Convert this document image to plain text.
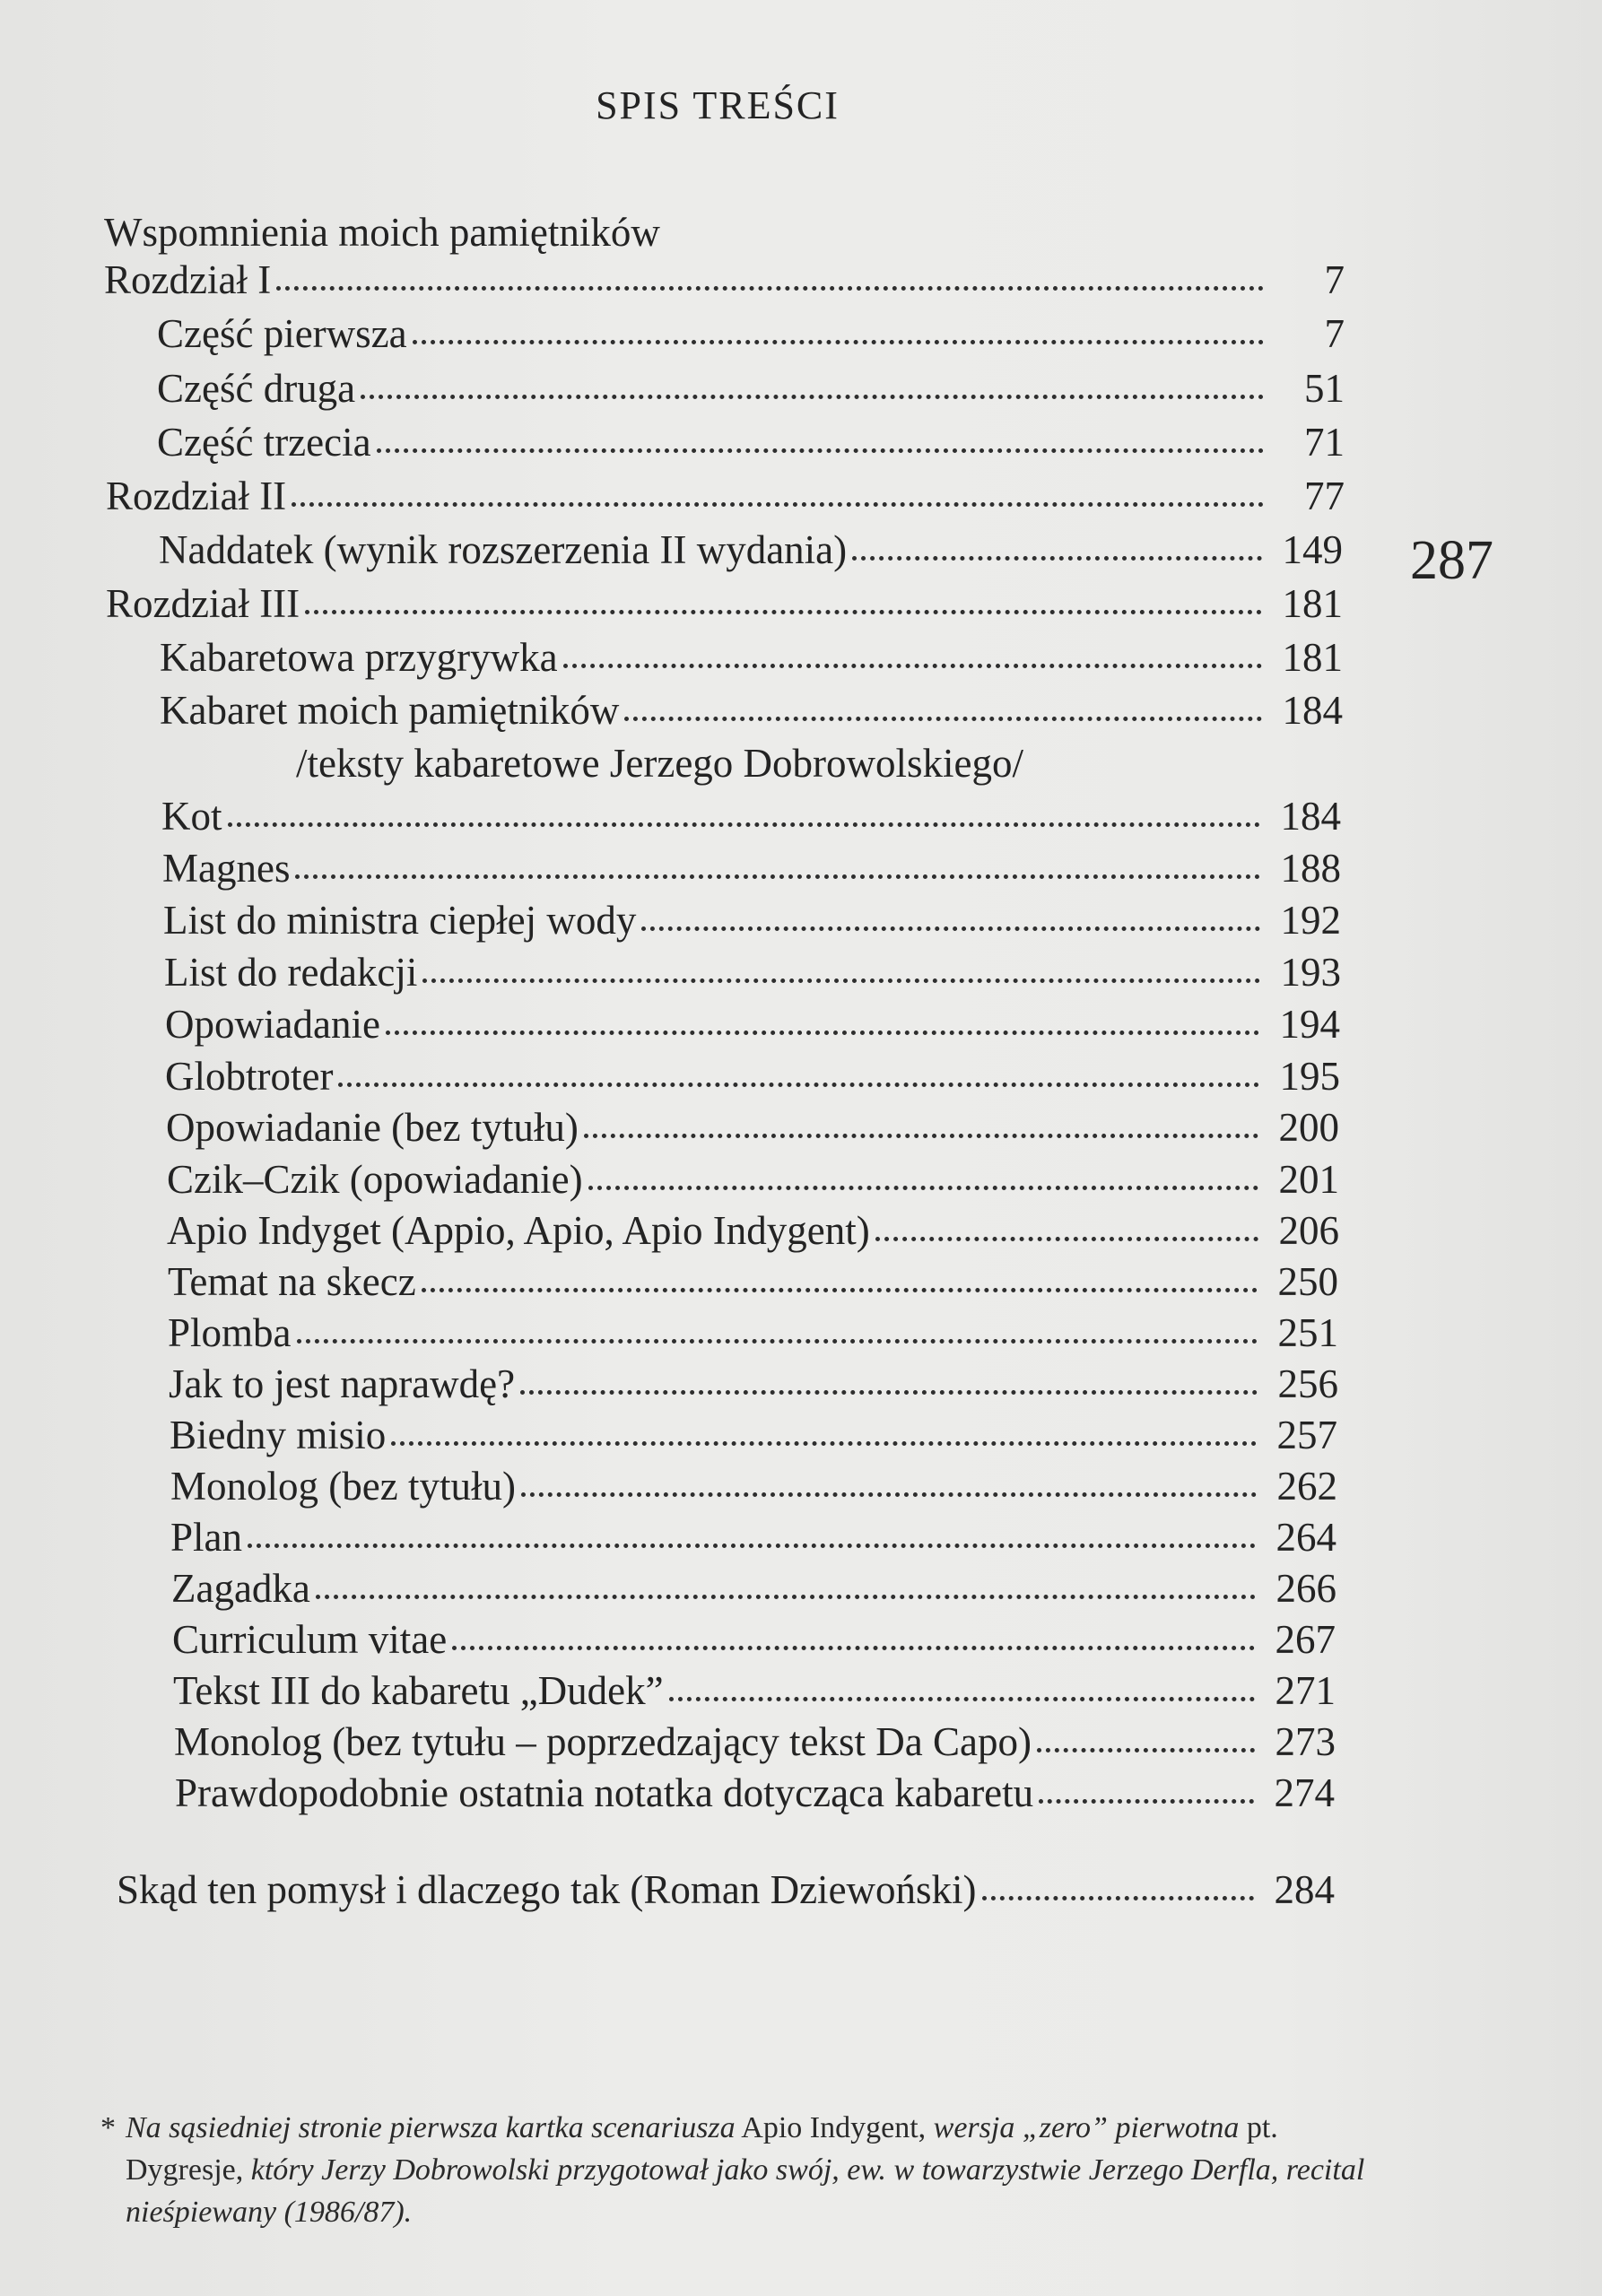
SPIS TREŚCI
287
Wspomnienia moich pamiętników
Rozdział I	7
Część pierwsza	7
Część druga	51
Część trzecia	71
Rozdział II	77
Naddatek (wynik rozszerzenia II wydania)	149
Rozdział III	181
Kabaretowa przygrywka	181
Kabaret moich pamiętników	184
/teksty kabaretowe Jerzego Dobrowolskiego/
Kot	184
Magnes	188
List do ministra ciepłej wody	192
List do redakcji	193
Opowiadanie	194
Globtroter	195
Opowiadanie (bez tytułu)	200
Czik–Czik (opowiadanie)	201
Apio Indyget (Appio, Apio, Apio Indygent)	206
Temat na skecz	250
Plomba	251
Jak to jest naprawdę?	256
Biedny misio	257
Monolog (bez tytułu)	262
Plan	264
Zagadka	266
Curriculum vitae	267
Tekst III do kabaretu „Dudek”	271
Monolog (bez tytułu – poprzedzający tekst Da Capo)	273
Prawdopodobnie ostatnia notatka dotycząca kabaretu	274
Skąd ten pomysł i dlaczego tak (Roman Dziewoński)	284
* Na sąsiedniej stronie pierwsza kartka scenariusza Apio Indygent, wersja „zero” pierwotna pt. Dygresje, który Jerzy Dobrowolski przygotował jako swój, ew. w towarzystwie Jerzego Derfla, recital nieśpiewany (1986/87).
